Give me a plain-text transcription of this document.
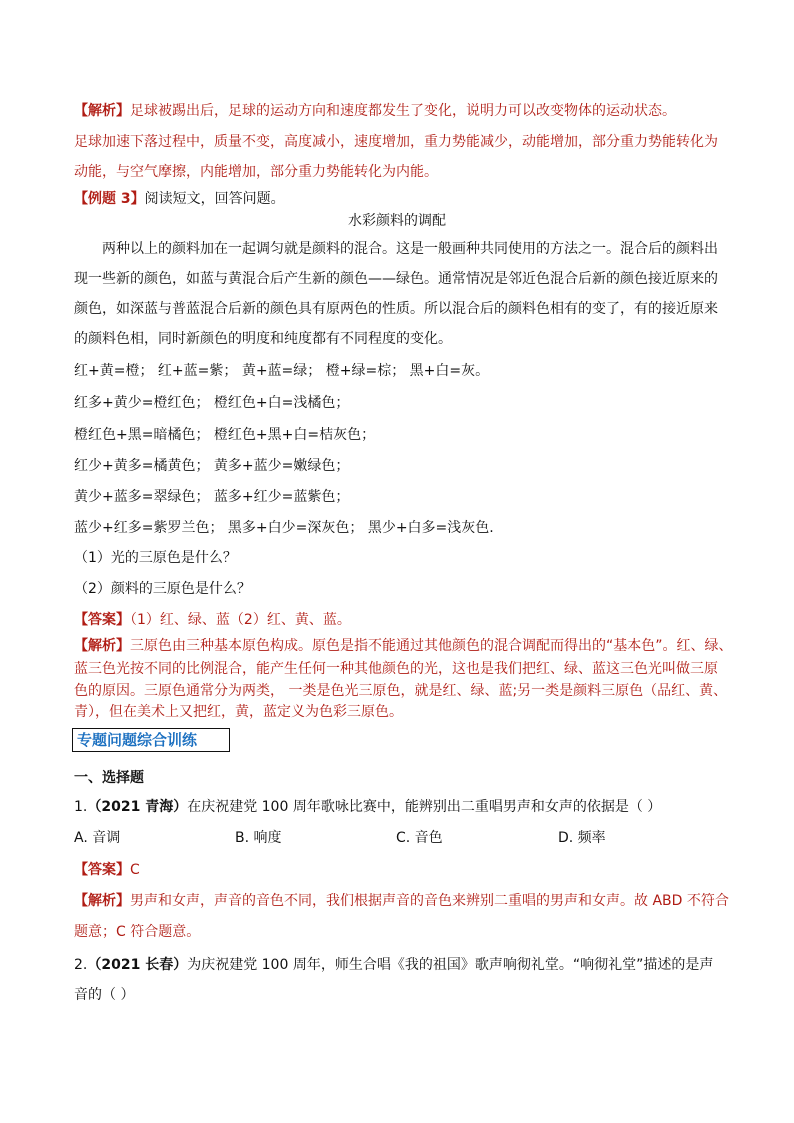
【解析】足球被踢出后，足球的运动方向和速度都发生了变化，说明力可以改变物体的运动状态。
足球加速下落过程中，质量不变，高度减小，速度增加，重力势能减少，动能增加，部分重力势能转化为
动能，与空气摩擦，内能增加，部分重力势能转化为内能。
【例题 3】阅读短文，回答问题。
水彩颜料的调配
两种以上的颜料加在一起调匀就是颜料的混合。这是一般画种共同使用的方法之一。混合后的颜料出
现一些新的颜色，如蓝与黄混合后产生新的颜色——绿色。通常情况是邻近色混合后新的颜色接近原来的
颜色，如深蓝与普蓝混合后新的颜色具有原两色的性质。所以混合后的颜料色相有的变了，有的接近原来
的颜料色相，同时新颜色的明度和纯度都有不同程度的变化。
红+黄=橙； 红+蓝=紫； 黄+蓝=绿； 橙+绿=棕； 黑+白=灰。
红多+黄少=橙红色； 橙红色+白=浅橘色；
橙红色+黑=暗橘色； 橙红色+黑+白=桔灰色；
红少+黄多=橘黄色； 黄多+蓝少=嫩绿色；
黄少+蓝多=翠绿色； 蓝多+红少=蓝紫色；
蓝少+红多=紫罗兰色； 黑多+白少=深灰色； 黑少+白多=浅灰色.
（1）光的三原色是什么？
（2）颜料的三原色是什么？
【答案】（1）红、绿、蓝（2）红、黄、蓝。
【解析】三原色由三种基本原色构成。原色是指不能通过其他颜色的混合调配而得出的“基本色”。红、绿、
蓝三色光按不同的比例混合，能产生任何一种其他颜色的光，这也是我们把红、绿、蓝这三色光叫做三原
色的原因。三原色通常分为两类， 一类是色光三原色，就是红、绿、蓝;另一类是颜料三原色（品红、黄、
青），但在美术上又把红，黄，蓝定义为色彩三原色。
专题问题综合训练
一、选择题
1.（2021 青海）在庆祝建党 100 周年歌咏比赛中，能辨别出二重唱男声和女声的依据是（ ）
A. 音调	B. 响度	C. 音色	D. 频率
【答案】C
【解析】男声和女声，声音的音色不同，我们根据声音的音色来辨别二重唱的男声和女声。故 ABD 不符合
题意；C 符合题意。
2.（2021 长春）为庆祝建党 100 周年，师生合唱《我的祖国》歌声响彻礼堂。“响彻礼堂”描述的是声
音的（ ）
